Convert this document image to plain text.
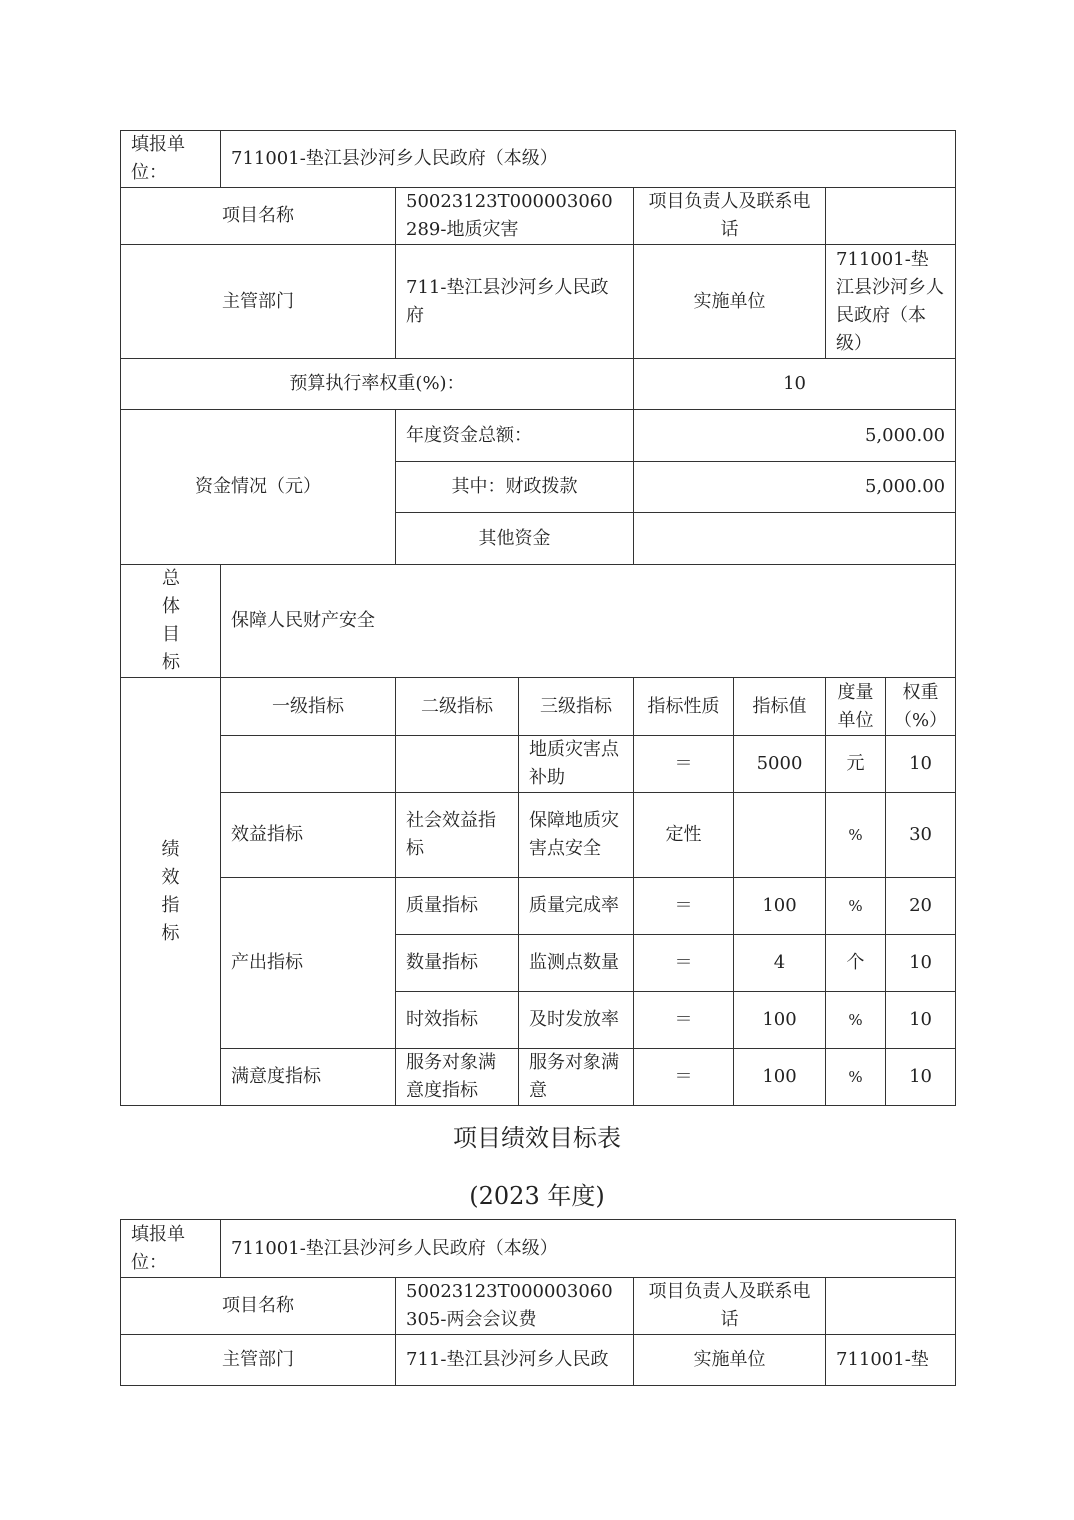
填报单位：	711001-垫江县沙河乡人民政府（本级）						
项目名称		50023123T000003060289-地质灾害		项目负责人及联系电话			
主管部门		711-垫江县沙河乡人民政府		实施单位		711001-垫江县沙河乡人民政府（本级）	
预算执行率权重(%)：				10			
资金情况（元）		年度资金总额：		5,000.00			
		其中：财政拨款		5,000.00			
		其他资金					

总体目标	保障人民财产安全						

绩效指标	一级指标	二级指标	三级指标	指标性质	指标值	度量单位	权重（%）
			地质灾害点补助	＝	5000	元	10
	效益指标	社会效益指标	保障地质灾害点安全	定性		%	30
	产出指标	质量指标	质量完成率	＝	100	%	20
		数量指标	监测点数量	＝	4	个	10
		时效指标	及时发放率	＝	100	%	10
	满意度指标	服务对象满意度指标	服务对象满意	＝	100	%	10
项目绩效目标表
(2023 年度)
填报单位：	711001-垫江县沙河乡人民政府（本级）			
项目名称		50023123T000003060305-两会会议费	项目负责人及联系电话	
主管部门		711-垫江县沙河乡人民政	实施单位	711001-垫
